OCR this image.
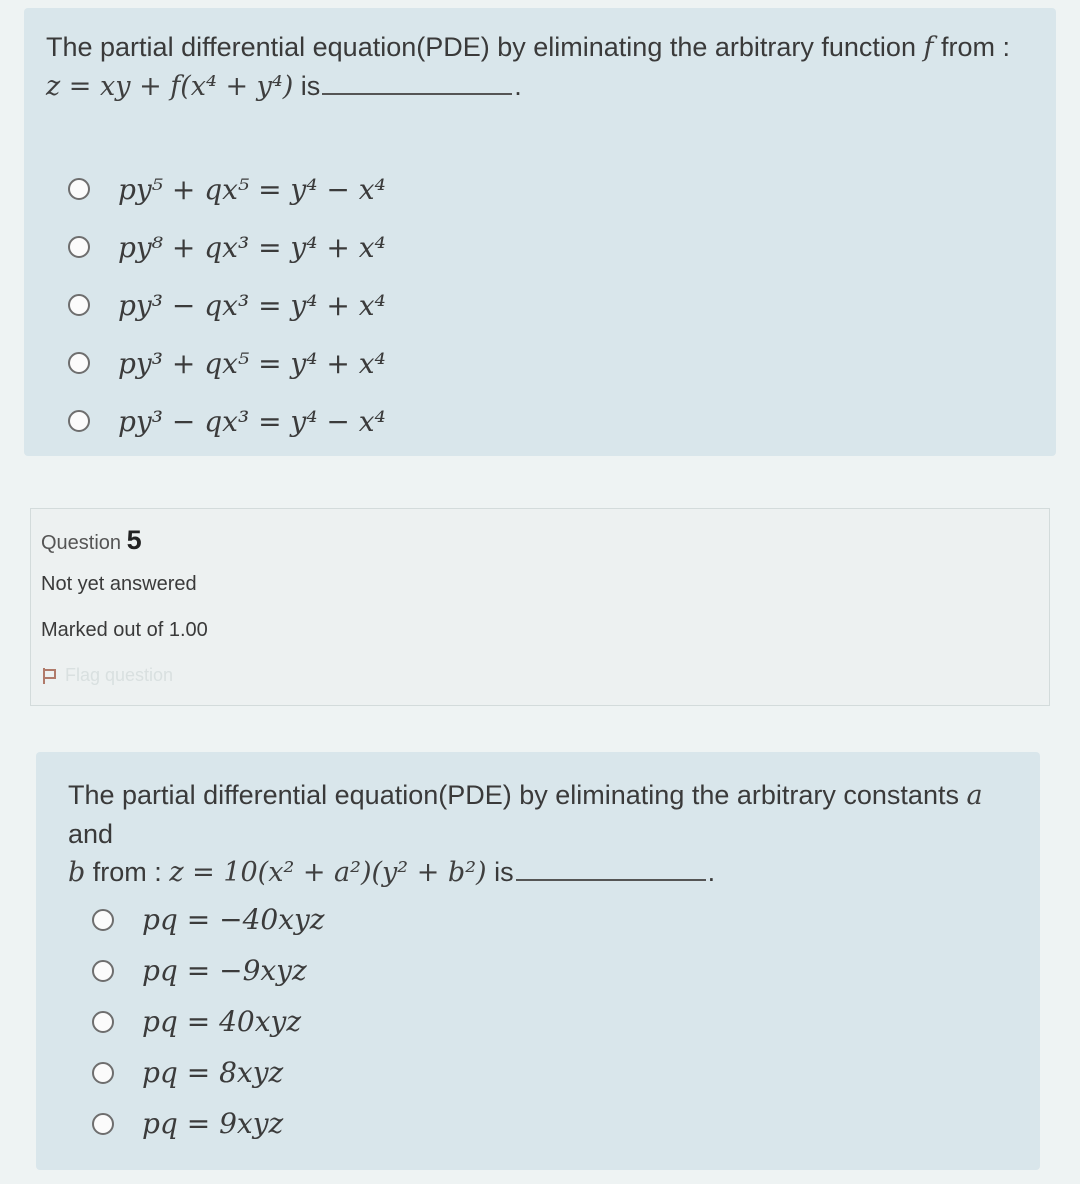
The partial differential equation(PDE) by eliminating the arbitrary function f from :
z = xy + f(x⁴ + y⁴) is	.
py⁵ + qx⁵ = y⁴ − x⁴
py⁸ + qx³ = y⁴ + x⁴
py³ − qx³ = y⁴ + x⁴
py³ + qx⁵ = y⁴ + x⁴
py³ − qx³ = y⁴ − x⁴
Question 5
Not yet answered
Marked out of 1.00
Flag question
The partial differential equation(PDE) by eliminating the arbitrary constants a and
b from : z = 10(x² + a²)(y² + b²) is	.
pq = −40xyz
pq = −9xyz
pq = 40xyz
pq = 8xyz
pq = 9xyz
